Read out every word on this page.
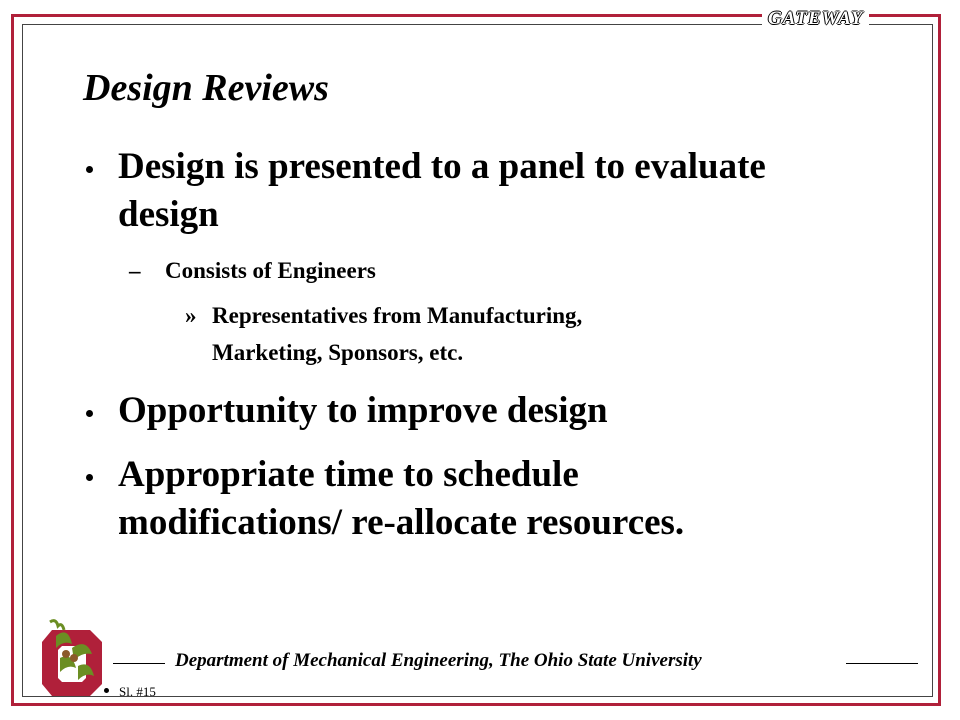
GATEWAY
Design Reviews
Design is presented to a panel to evaluate
design
– Consists of Engineers
» Representatives from Manufacturing,
Marketing, Sponsors, etc.
Opportunity to improve design
Appropriate time to schedule
modifications/ re-allocate resources.
Department of Mechanical Engineering, The Ohio State University
Sl. #15
